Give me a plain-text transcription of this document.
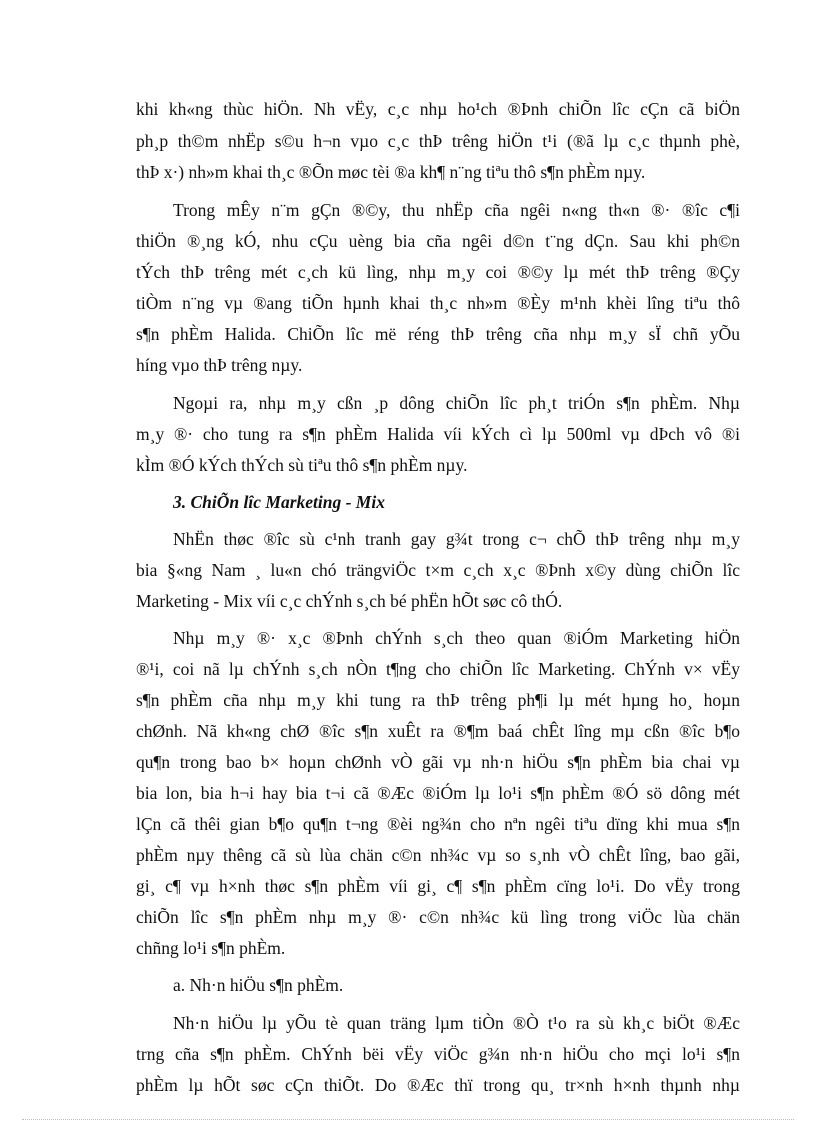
khi kh«ng thùc hiÖn. Nh vËy, c¸c nhµ ho¹ch ®Þnh chiÕn lîc cÇn cã biÖn
ph¸p th©m nhËp s©u h¬n vµo c¸c thÞ trêng hiÖn t¹i (®ã lµ c¸c thµnh phè,
thÞ x·) nh»m khai th¸c ®Õn møc tèi ®a kh¶ n¨ng tiªu thô s¶n phÈm nµy.
Trong mÊy n¨m gÇn ®©y, thu nhËp cña ngêi n«ng th«n ®· ®îc c¶i
thiÖn ®¸ng kÓ, nhu cÇu uèng bia cña ngêi d©n t¨ng dÇn. Sau khi ph©n
tÝch thÞ trêng mét c¸ch kü lìng, nhµ m¸y coi ®©y lµ mét thÞ trêng ®Çy
tiÒm n¨ng vµ ®ang tiÕn hµnh khai th¸c nh»m ®Èy m¹nh khèi lîng tiªu thô
s¶n phÈm Halida. ChiÕn lîc më réng thÞ trêng cña nhµ m¸y sÏ chñ yÕu
híng vµo thÞ trêng nµy.
Ngoµi ra, nhµ m¸y cßn ¸p dông chiÕn lîc ph¸t triÓn s¶n phÈm. Nhµ
m¸y ®· cho tung ra s¶n phÈm Halida víi kÝch cì lµ 500ml vµ dÞch vô ®i
kÌm ®Ó kÝch thÝch sù tiªu thô s¶n phÈm nµy.
3. ChiÕn lîc Marketing - Mix
NhËn thøc ®îc sù c¹nh tranh gay g¾t trong c¬ chÕ thÞ trêng nhµ m¸y
bia §«ng Nam ¸ lu«n chó trängviÖc t×m c¸ch x¸c ®Þnh x©y dùng chiÕn lîc
Marketing - Mix víi c¸c chÝnh s¸ch bé phËn hÕt søc cô thÓ.
Nhµ m¸y ®· x¸c ®Þnh chÝnh s¸ch theo quan ®iÓm Marketing hiÖn
®¹i, coi nã lµ chÝnh s¸ch nÒn t¶ng cho chiÕn lîc Marketing. ChÝnh v× vËy
s¶n phÈm cña nhµ m¸y khi tung ra thÞ trêng ph¶i lµ mét hµng ho¸ hoµn
chØnh. Nã kh«ng chØ ®îc s¶n xuÊt ra ®¶m baá chÊt lîng mµ cßn ®îc b¶o
qu¶n trong bao b× hoµn chØnh vÒ gãi vµ nh·n hiÖu s¶n phÈm bia chai vµ
bia lon, bia h¬i hay bia t¬i cã ®Æc ®iÓm lµ lo¹i s¶n phÈm ®Ó sö dông mét
lÇn cã thêi gian b¶o qu¶n t¬ng ®èi ng¾n cho nªn ngêi tiªu dïng khi mua s¶n
phÈm nµy thêng cã sù lùa chän c©n nh¾c vµ so s¸nh vÒ chÊt lîng, bao gãi,
gi¸ c¶ vµ h×nh thøc s¶n phÈm víi gi¸ c¶ s¶n phÈm cïng lo¹i. Do vËy trong
chiÕn lîc s¶n phÈm nhµ m¸y ®· c©n nh¾c kü lìng trong viÖc lùa chän
chñng lo¹i s¶n phÈm.
a. Nh·n hiÖu s¶n phÈm.
Nh·n hiÖu lµ yÕu tè quan träng lµm tiÒn ®Ò t¹o ra sù kh¸c biÖt ®Æc
trng cña s¶n phÈm. ChÝnh bëi vËy viÖc g¾n nh·n hiÖu cho mçi lo¹i s¶n
phÈm lµ hÕt søc cÇn thiÕt. Do ®Æc thï trong qu¸ tr×nh h×nh thµnh nhµ
